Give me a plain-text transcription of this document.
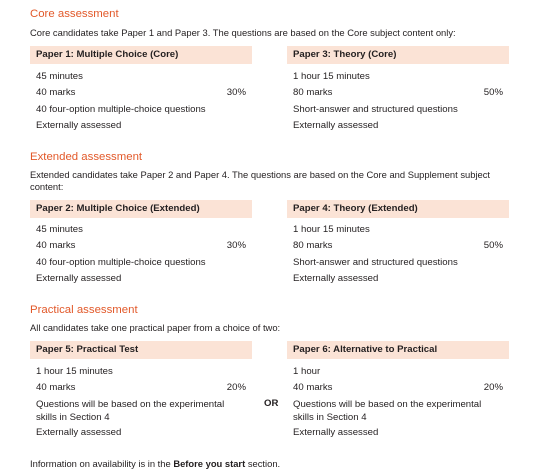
Core assessment
Core candidates take Paper 1 and Paper 3. The questions are based on the Core subject content only:
Paper 1: Multiple Choice (Core)
45 minutes
40 marks	30%
40 four-option multiple-choice questions
Externally assessed
Paper 3: Theory (Core)
1 hour 15 minutes
80 marks	50%
Short-answer and structured questions
Externally assessed
Extended assessment
Extended candidates take Paper 2 and Paper 4. The questions are based on the Core and Supplement subject content:
Paper 2: Multiple Choice (Extended)
45 minutes
40 marks	30%
40 four-option multiple-choice questions
Externally assessed
Paper 4: Theory (Extended)
1 hour 15 minutes
80 marks	50%
Short-answer and structured questions
Externally assessed
Practical assessment
All candidates take one practical paper from a choice of two:
Paper 5: Practical Test
1 hour 15 minutes
40 marks	20%
Questions will be based on the experimental skills in Section 4
Externally assessed
OR
Paper 6: Alternative to Practical
1 hour
40 marks	20%
Questions will be based on the experimental skills in Section 4
Externally assessed
Information on availability is in the Before you start section.
